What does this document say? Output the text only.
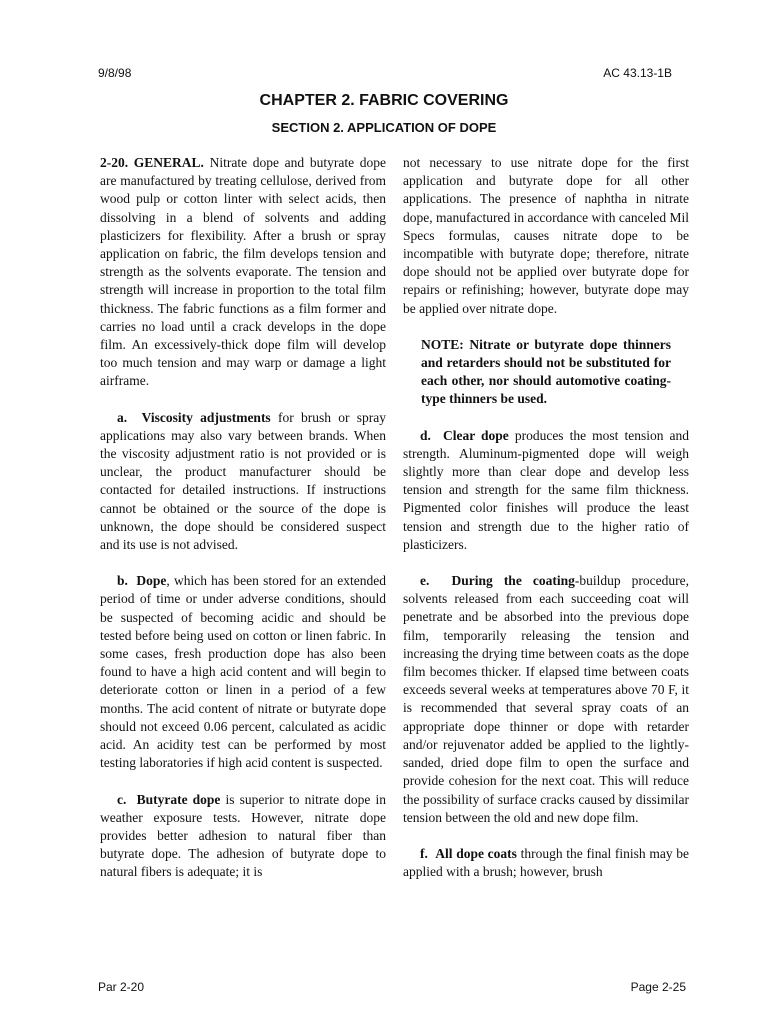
9/8/98	AC 43.13-1B
CHAPTER 2. FABRIC COVERING
SECTION 2. APPLICATION OF DOPE

2-20. GENERAL. Nitrate dope and butyrate dope are manufactured by treating cellulose, derived from wood pulp or cotton linter with select acids, then dissolving in a blend of solvents and adding plasticizers for flexibility. After a brush or spray application on fabric, the film develops tension and strength as the solvents evaporate. The tension and strength will increase in proportion to the total film thickness. The fabric functions as a film former and carries no load until a crack develops in the dope film. An excessively-thick dope film will develop too much tension and may warp or damage a light airframe.

a. Viscosity adjustments for brush or spray applications may also vary between brands. When the viscosity adjustment ratio is not provided or is unclear, the product manufacturer should be contacted for detailed instructions. If instructions cannot be obtained or the source of the dope is unknown, the dope should be considered suspect and its use is not advised.

b. Dope, which has been stored for an extended period of time or under adverse conditions, should be suspected of becoming acidic and should be tested before being used on cotton or linen fabric. In some cases, fresh production dope has also been found to have a high acid content and will begin to deteriorate cotton or linen in a period of a few months. The acid content of nitrate or butyrate dope should not exceed 0.06 percent, calculated as acidic acid. An acidity test can be performed by most testing laboratories if high acid content is suspected.

c. Butyrate dope is superior to nitrate dope in weather exposure tests. However, nitrate dope provides better adhesion to natural fiber than butyrate dope. The adhesion of butyrate dope to natural fibers is adequate; it is

not necessary to use nitrate dope for the first application and butyrate dope for all other applications. The presence of naphtha in nitrate dope, manufactured in accordance with canceled Mil Specs formulas, causes nitrate dope to be incompatible with butyrate dope; therefore, nitrate dope should not be applied over butyrate dope for repairs or refinishing; however, butyrate dope may be applied over nitrate dope.

NOTE: Nitrate or butyrate dope thinners and retarders should not be substituted for each other, nor should automotive coating-type thinners be used.

d. Clear dope produces the most tension and strength. Aluminum-pigmented dope will weigh slightly more than clear dope and develop less tension and strength for the same film thickness. Pigmented color finishes will produce the least tension and strength due to the higher ratio of plasticizers.

e. During the coating-buildup procedure, solvents released from each succeeding coat will penetrate and be absorbed into the previous dope film, temporarily releasing the tension and increasing the drying time between coats as the dope film becomes thicker. If elapsed time between coats exceeds several weeks at temperatures above 70 F, it is recommended that several spray coats of an appropriate dope thinner or dope with retarder and/or rejuvenator added be applied to the lightly-sanded, dried dope film to open the surface and provide cohesion for the next coat. This will reduce the possibility of surface cracks caused by dissimilar tension between the old and new dope film.

f. All dope coats through the final finish may be applied with a brush; however, brush

Par 2-20	Page 2-25
